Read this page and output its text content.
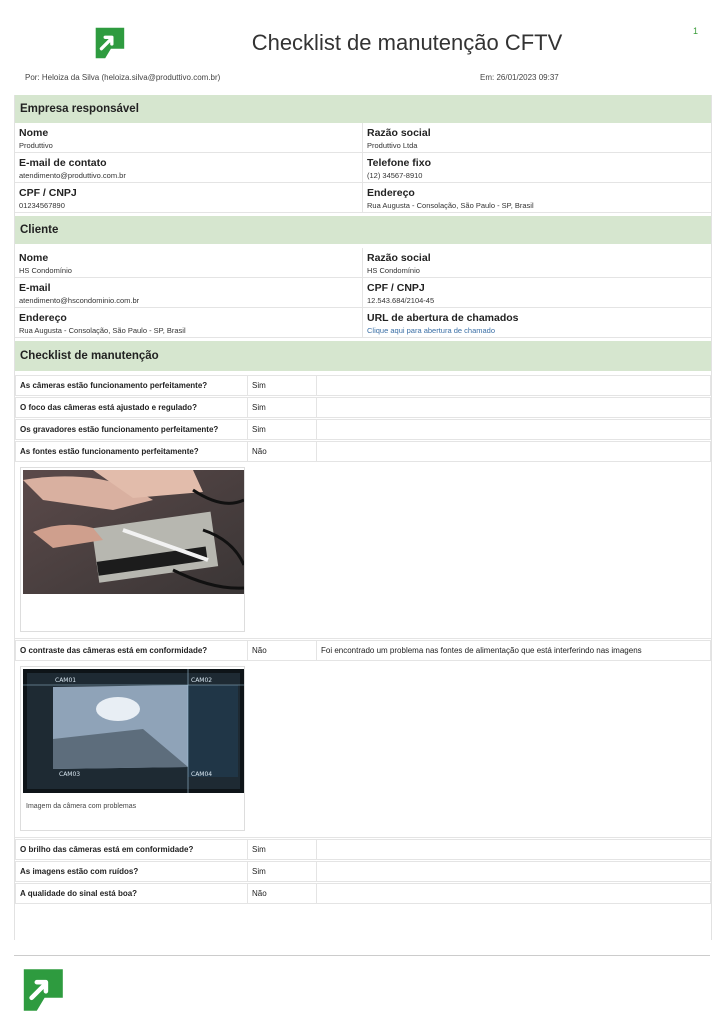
Checklist de manutenção CFTV	1
Por: Heloiza da Silva (heloiza.silva@produttivo.com.br)	Em: 26/01/2023 09:37
Empresa responsável
Nome
Produttivo
Razão social
Produttivo Ltda
E-mail de contato
atendimento@produttivo.com.br
Telefone fixo
(12) 34567-8910
CPF / CNPJ
01234567890
Endereço
Rua Augusta - Consolação, São Paulo - SP, Brasil
Cliente
Nome
HS Condomínio
Razão social
HS Condomínio
E-mail
atendimento@hscondominio.com.br
CPF / CNPJ
12.543.684/2104-45
Endereço
Rua Augusta - Consolação, São Paulo - SP, Brasil
URL de abertura de chamados
Clique aqui para abertura de chamado
Checklist de manutenção
As câmeras estão funcionamento perfeitamente?	Sim
O foco das câmeras está ajustado e regulado?	Sim
Os gravadores estão funcionamento perfeitamente?	Sim
As fontes estão funcionamento perfeitamente?	Não
O contraste das câmeras está em conformidade?	Não	Foi encontrado um problema nas fontes de alimentação que está interferindo nas imagens
CAM01	CAM02
CAM03	CAM04
Imagem da câmera com problemas
O brilho das câmeras está em conformidade?	Sim
As imagens estão com ruídos?	Sim
A qualidade do sinal está boa?	Não
